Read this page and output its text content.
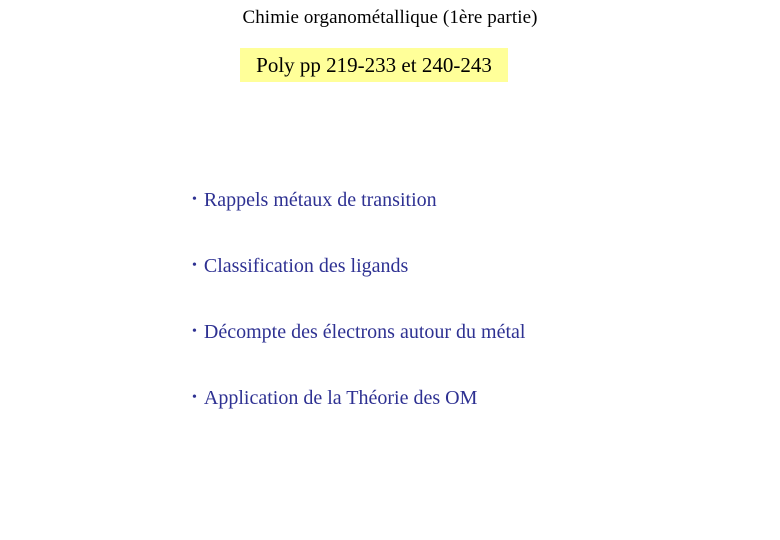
Chimie organométallique (1ère partie)
Poly pp 219-233 et 240-243
• Rappels métaux de transition
• Classification des ligands
• Décompte des électrons autour du métal
• Application de la Théorie des OM
